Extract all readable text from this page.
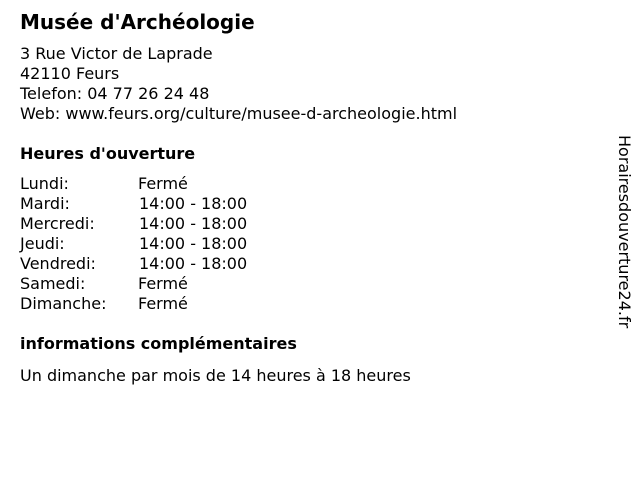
Musée d'Archéologie
3 Rue Victor de Laprade
42110 Feurs
Telefon: 04 77 26 24 48
Web: www.feurs.org/culture/musee-d-archeologie.html
Heures d'ouverture
Lundi:	Fermé
Mardi:	14:00 - 18:00
Mercredi:	14:00 - 18:00
Jeudi:	14:00 - 18:00
Vendredi:	14:00 - 18:00
Samedi:	Fermé
Dimanche: Fermé
informations complémentaires
Un dimanche par mois de 14 heures à 18 heures
Horairesdouverture24.fr
